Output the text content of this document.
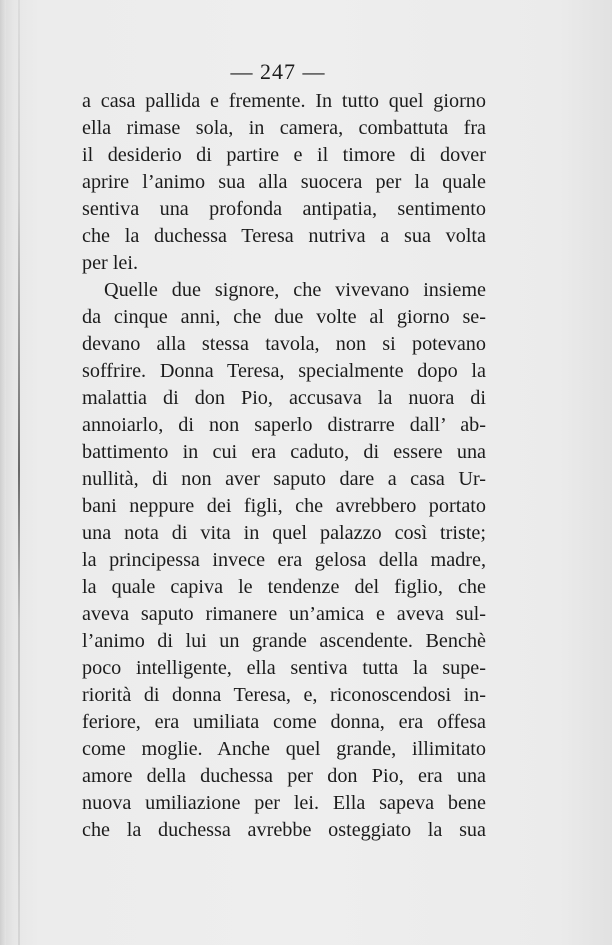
— 247 —
a casa pallida e fremente. In tutto quel giorno
ella rimase sola, in camera, combattuta fra
il desiderio di partire e il timore di dover
aprire l’animo sua alla suocera per la quale
sentiva una profonda antipatia, sentimento
che la duchessa Teresa nutriva a sua volta
per lei.
Quelle due signore, che vivevano insieme
da cinque anni, che due volte al giorno se-
devano alla stessa tavola, non si potevano
soffrire. Donna Teresa, specialmente dopo la
malattia di don Pio, accusava la nuora di
annoiarlo, di non saperlo distrarre dall’ ab-
battimento in cui era caduto, di essere una
nullità, di non aver saputo dare a casa Ur-
bani neppure dei figli, che avrebbero portato
una nota di vita in quel palazzo così triste;
la principessa invece era gelosa della madre,
la quale capiva le tendenze del figlio, che
aveva saputo rimanere un’amica e aveva sul-
l’animo di lui un grande ascendente. Benchè
poco intelligente, ella sentiva tutta la supe-
riorità di donna Teresa, e, riconoscendosi in-
feriore, era umiliata come donna, era offesa
come moglie. Anche quel grande, illimitato
amore della duchessa per don Pio, era una
nuova umiliazione per lei. Ella sapeva bene
che la duchessa avrebbe osteggiato la sua
